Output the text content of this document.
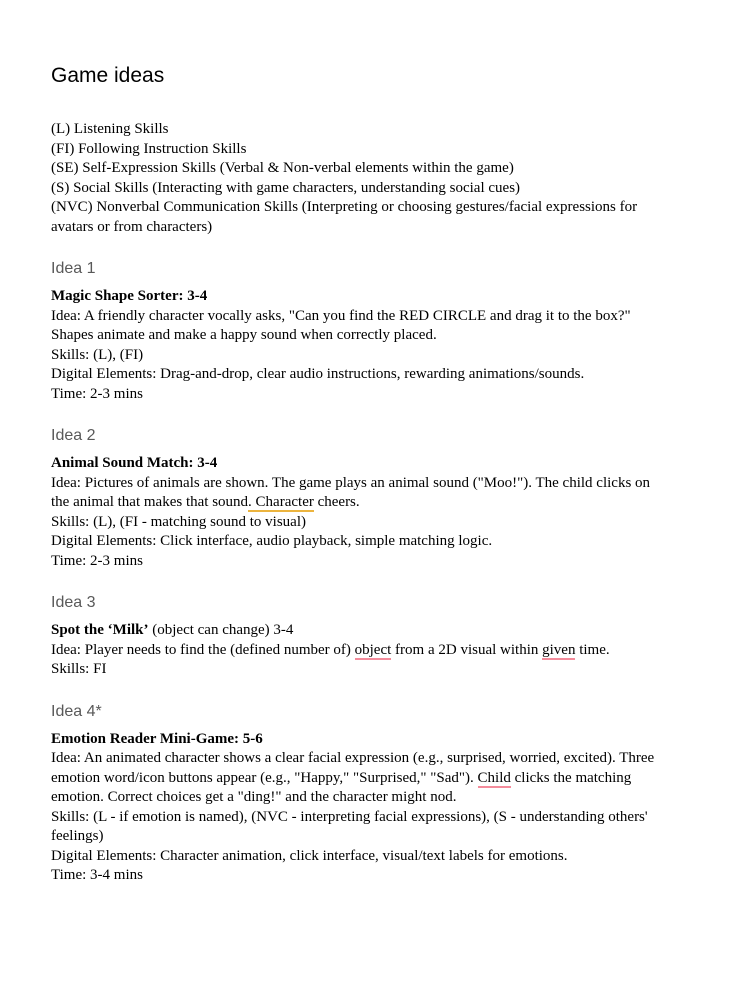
Game ideas

(L) Listening Skills

(FI) Following Instruction Skills

(SE) Self-Expression Skills (Verbal & Non-verbal elements within the game)

(S) Social Skills (Interacting with game characters, understanding social cues)

(NVC) Nonverbal Communication Skills (Interpreting or choosing gestures/facial expressions for avatars or from characters)

Idea 1

Magic Shape Sorter: 3-4

Idea: A friendly character vocally asks, "Can you find the RED CIRCLE and drag it to the box?" Shapes animate and make a happy sound when correctly placed.

Skills: (L), (FI)

Digital Elements: Drag-and-drop, clear audio instructions, rewarding animations/sounds.

Time: 2-3 mins

Idea 2

Animal Sound Match: 3-4

Idea: Pictures of animals are shown. The game plays an animal sound ("Moo!"). The child clicks on the animal that makes that sound. Character cheers.

Skills: (L), (FI - matching sound to visual)

Digital Elements: Click interface, audio playback, simple matching logic.

Time: 2-3 mins

Idea 3

Spot the ‘Milk’ (object can change) 3-4

Idea: Player needs to find the (defined number of) object from a 2D visual within given time.

Skills: FI

Idea 4*

Emotion Reader Mini-Game: 5-6

Idea: An animated character shows a clear facial expression (e.g., surprised, worried, excited). Three emotion word/icon buttons appear (e.g., "Happy," "Surprised," "Sad"). Child clicks the matching emotion. Correct choices get a "ding!" and the character might nod.

Skills: (L - if emotion is named), (NVC - interpreting facial expressions), (S - understanding others' feelings)

Digital Elements: Character animation, click interface, visual/text labels for emotions.

Time: 3-4 mins
